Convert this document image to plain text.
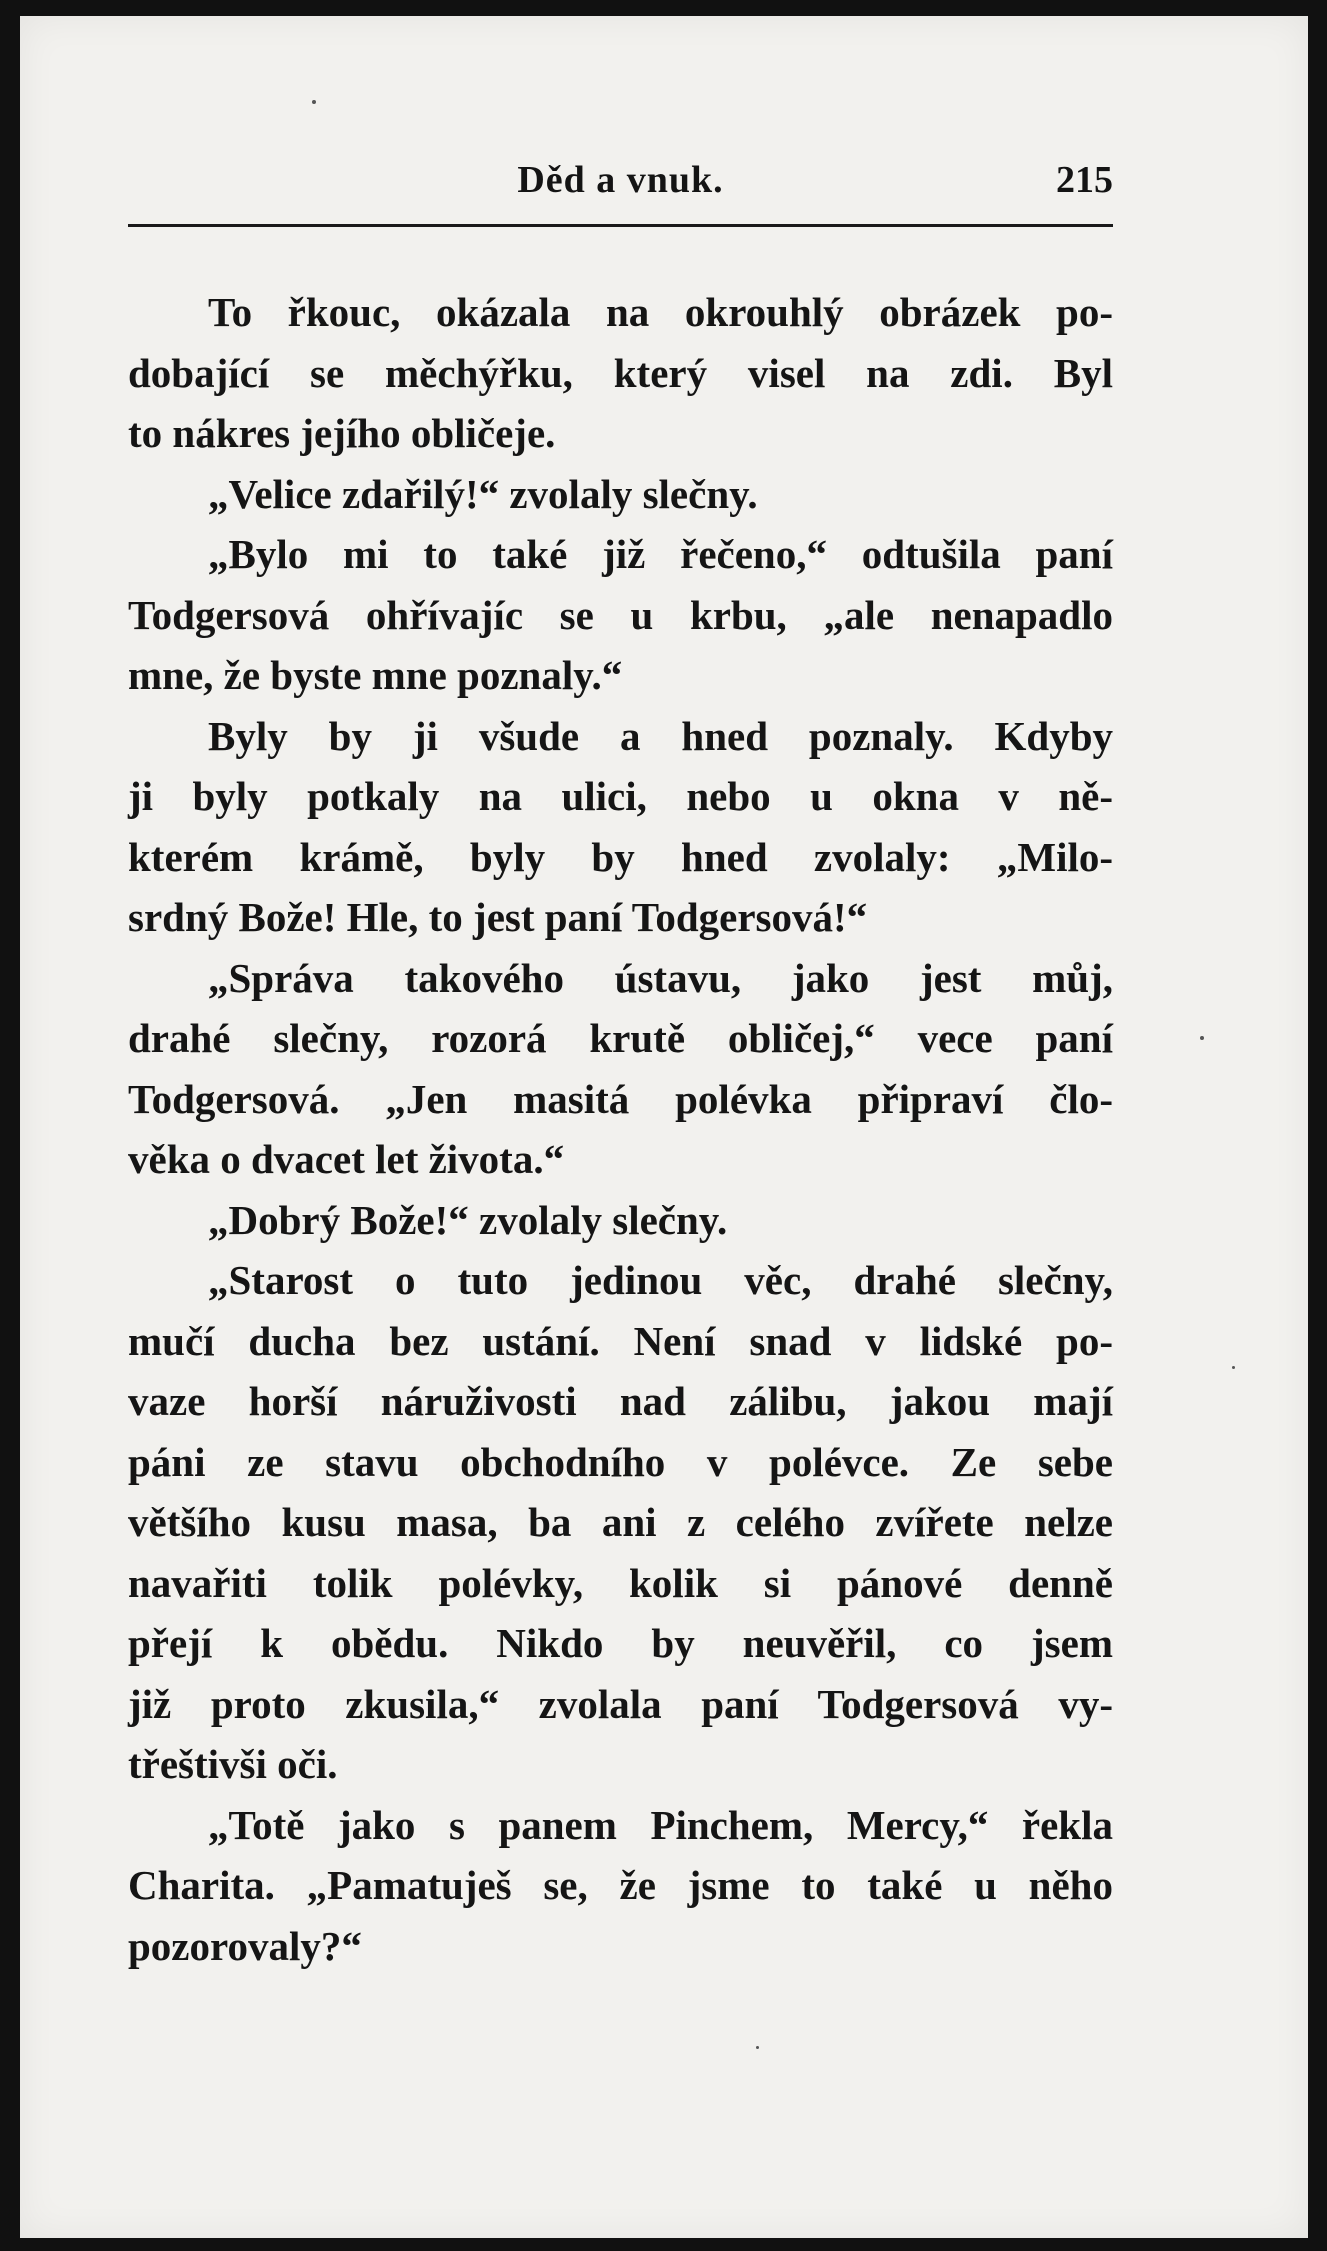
Děd a vnuk.	215
To řkouc, okázala na okrouhlý obrázek po-
dobající se měchýřku, který visel na zdi. Byl
to nákres jejího obličeje.
„Velice zdařilý!“ zvolaly slečny.
„Bylo mi to také již řečeno,“ odtušila paní
Todgersová ohřívajíc se u krbu, „ale nenapadlo
mne, že byste mne poznaly.“
Byly by ji všude a hned poznaly. Kdyby
ji byly potkaly na ulici, nebo u okna v ně-
kterém krámě, byly by hned zvolaly: „Milo-
srdný Bože! Hle, to jest paní Todgersová!“
„Správa takového ústavu, jako jest můj,
drahé slečny, rozorá krutě obličej,“ vece paní
Todgersová. „Jen masitá polévka připraví člo-
věka o dvacet let života.“
„Dobrý Bože!“ zvolaly slečny.
„Starost o tuto jedinou věc, drahé slečny,
mučí ducha bez ustání. Není snad v lidské po-
vaze horší náruživosti nad zálibu, jakou mají
páni ze stavu obchodního v polévce. Ze sebe
většího kusu masa, ba ani z celého zvířete nelze
navařiti tolik polévky, kolik si pánové denně
přejí k obědu. Nikdo by neuvěřil, co jsem
již proto zkusila,“ zvolala paní Todgersová vy-
třeštivši oči.
„Totě jako s panem Pinchem, Mercy,“ řekla
Charita. „Pamatuješ se, že jsme to také u něho
pozorovaly?“
